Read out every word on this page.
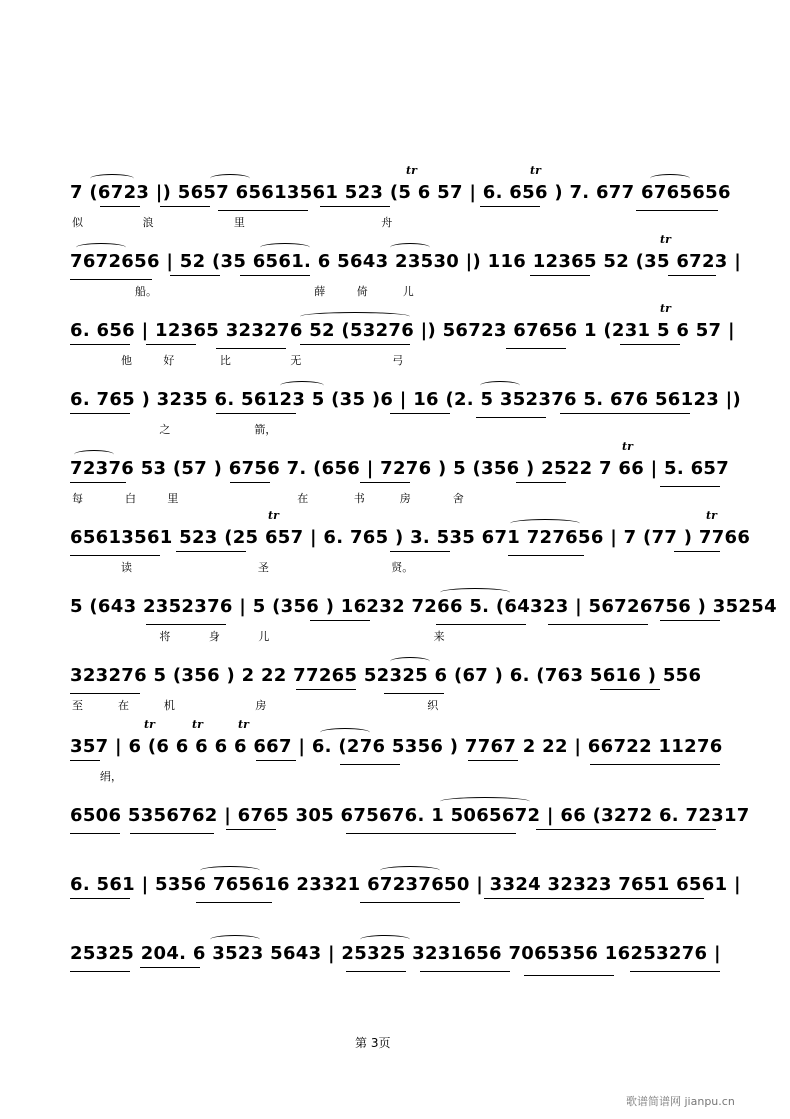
tr	tr
7 (6723 |) 5657 65613561 523 (5 6 57 | 6. 656 ) 7. 677 6765656
似                 浪                       里                                       舟
tr
7672656 | 52 (35 6561. 6 5643 23530 |) 116 12365 52 (35 6723 |
船。                                             薛         倚          儿
tr
6. 656 | 12365 323276 52 (53276 |) 56723 67656 1 (231 5 6 57 |
他         好             比                 无                          弓
6. 765 ) 3235 6. 56123 5 (35 )6 | 16 (2. 5 352376 5. 676 56123 |)
之                        箭，
tr
72376 53 (57 ) 6756 7. (656 | 7276 ) 5 (356 ) 2522 7 66 | 5. 657
每            白         里                                  在             书          房            舍
tr	tr
65613561 523 (25 657 | 6. 765 ) 3. 535 671 727656 | 7 (77 ) 7766
读                                    圣                                   贤。
5 (643 2352376 | 5 (356 ) 16232 7266 5. (64323 | 56726756 ) 35254
将           身           儿                                               来
323276 5 (356 ) 2 22 77265 52325 6 (67 ) 6. (763 5616 ) 556
至          在          机                       房                                              织
tr	tr	tr
357 | 6 (6 6 6 6 6 667 | 6. (276 5356 ) 7767 2 22 | 66722 11276
绢，
6506 5356762 | 6765 305 675676. 1 5065672 | 66 (3272 6. 72317
6. 561 | 5356 765616 23321 67237650 | 3324 32323 7651 6561 |
25325 204. 6 3523 5643 | 25325 3231656 7065356 16253276 |
第 3页
歌谱简谱网 jianpu.cn
